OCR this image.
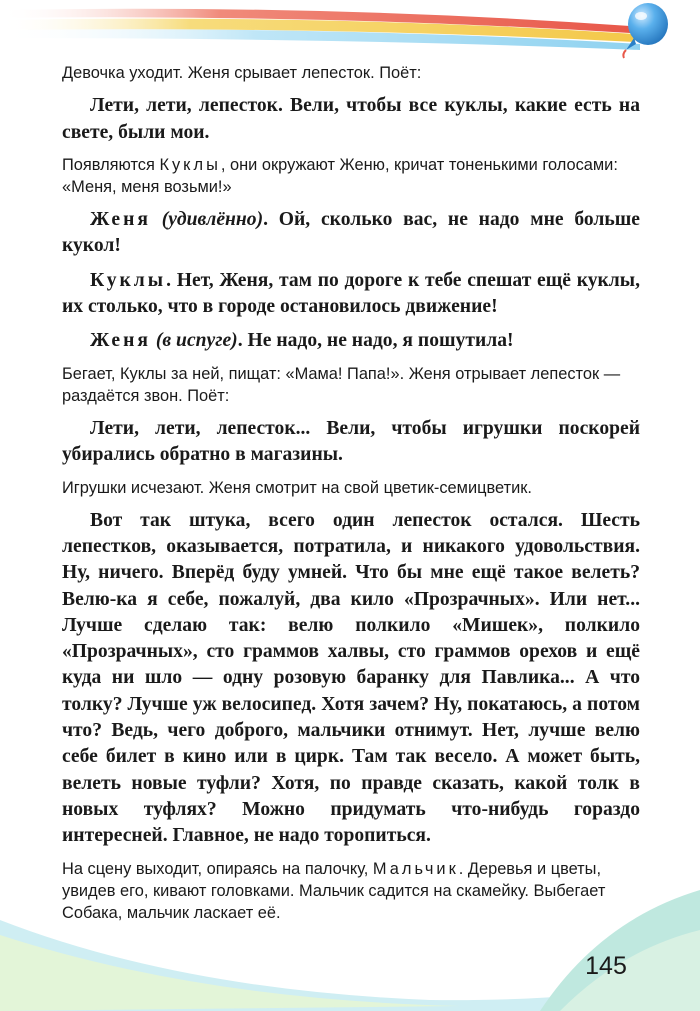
Девочка уходит. Женя срывает лепесток. Поёт:

Лети, лети, лепесток. Вели, чтобы все куклы, какие есть на свете, были мои.

Появляются Куклы, они окружают Женю, кричат тоненькими голосами: «Меня, меня возьми!»

Женя (удивлённо). Ой, сколько вас, не надо мне больше кукол!

Куклы. Нет, Женя, там по дороге к тебе спешат ещё куклы, их столько, что в городе остановилось движение!

Женя (в испуге). Не надо, не надо, я пошутила!

Бегает, Куклы за ней, пищат: «Мама! Папа!». Женя отрывает лепесток — раздаётся звон. Поёт:

Лети, лети, лепесток... Вели, чтобы игрушки поскорей убирались обратно в магазины.

Игрушки исчезают. Женя смотрит на свой цветик-семицветик.

Вот так штука, всего один лепесток остался. Шесть лепестков, оказывается, потратила, и никакого удовольствия. Ну, ничего. Вперёд буду умней. Что бы мне ещё такое велеть? Велю-ка я себе, пожалуй, два кило «Прозрачных». Или нет... Лучше сделаю так: велю полкило «Мишек», полкило «Прозрачных», сто граммов халвы, сто граммов орехов и ещё куда ни шло — одну розовую баранку для Павлика... А что толку? Лучше уж велосипед. Хотя зачем? Ну, покатаюсь, а потом что? Ведь, чего доброго, мальчики отнимут. Нет, лучше велю себе билет в кино или в цирк. Там так весело. А может быть, велеть новые туфли? Хотя, по правде сказать, какой толк в новых туфлях? Можно придумать что-нибудь гораздо интересней. Главное, не надо торопиться.

На сцену выходит, опираясь на палочку, Мальчик. Деревья и цветы, увидев его, кивают головками. Мальчик садится на скамейку. Выбегает Собака, мальчик ласкает её.

145
